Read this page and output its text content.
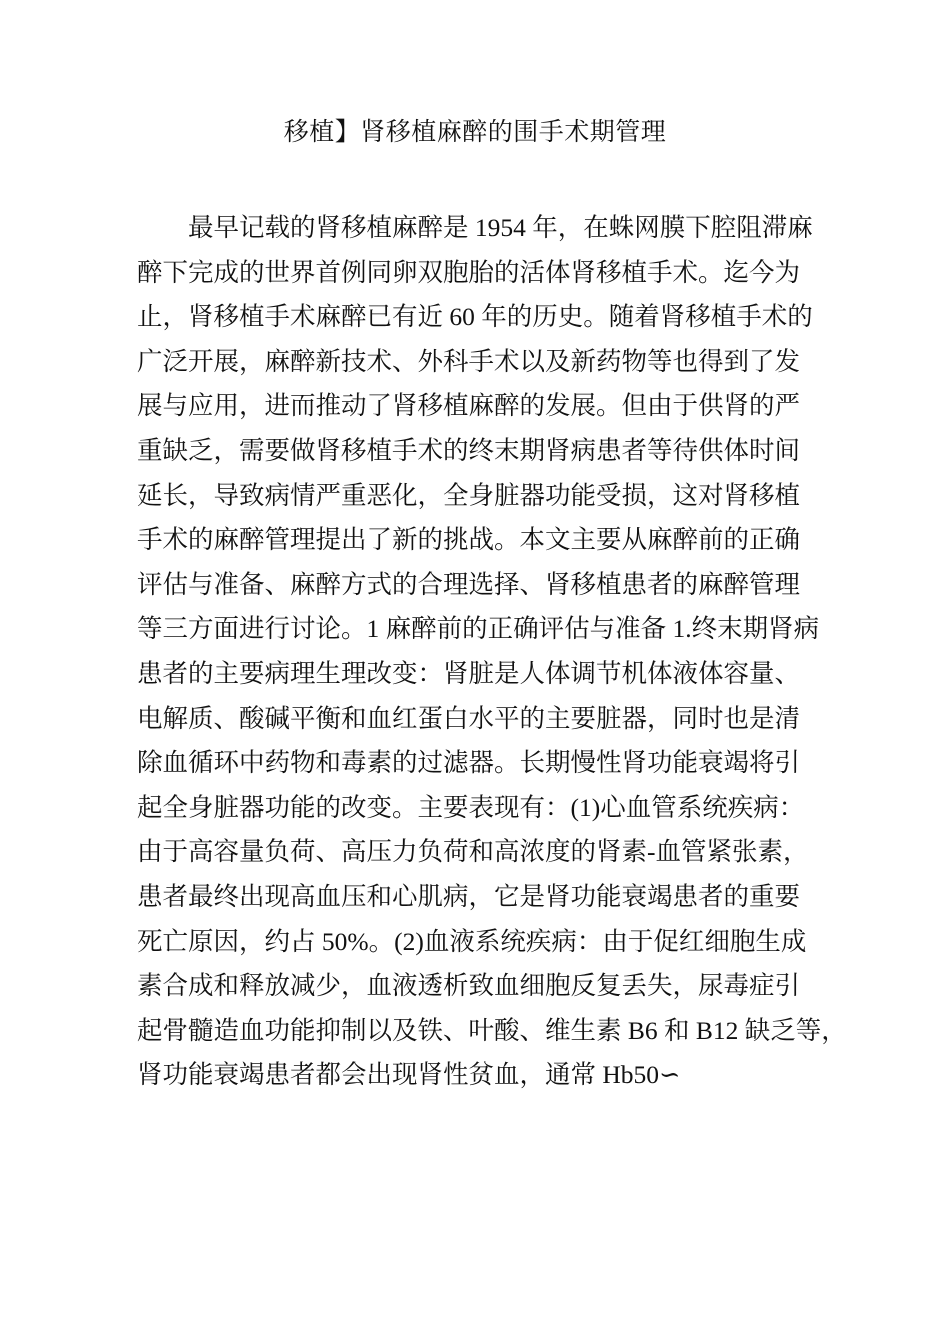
移植】肾移植麻醉的围手术期管理
最早记载的肾移植麻醉是 1954 年，在蛛网膜下腔阻滞麻
醉下完成的世界首例同卵双胞胎的活体肾移植手术。迄今为
止，肾移植手术麻醉已有近 60 年的历史。随着肾移植手术的
广泛开展，麻醉新技术、外科手术以及新药物等也得到了发
展与应用，进而推动了肾移植麻醉的发展。但由于供肾的严
重缺乏，需要做肾移植手术的终末期肾病患者等待供体时间
延长，导致病情严重恶化，全身脏器功能受损，这对肾移植
手术的麻醉管理提出了新的挑战。本文主要从麻醉前的正确
评估与准备、麻醉方式的合理选择、肾移植患者的麻醉管理
等三方面进行讨论。1 麻醉前的正确评估与准备 1.终末期肾病
患者的主要病理生理改变：肾脏是人体调节机体液体容量、
电解质、酸碱平衡和血红蛋白水平的主要脏器，同时也是清
除血循环中药物和毒素的过滤器。长期慢性肾功能衰竭将引
起全身脏器功能的改变。主要表现有：(1)心血管系统疾病：
由于高容量负荷、高压力负荷和高浓度的肾素-血管紧张素，
患者最终出现高血压和心肌病，它是肾功能衰竭患者的重要
死亡原因，约占 50%。(2)血液系统疾病：由于促红细胞生成
素合成和释放减少，血液透析致血细胞反复丢失，尿毒症引
起骨髓造血功能抑制以及铁、叶酸、维生素 B6 和 B12 缺乏等，
肾功能衰竭患者都会出现肾性贫血，通常 Hb50∽
